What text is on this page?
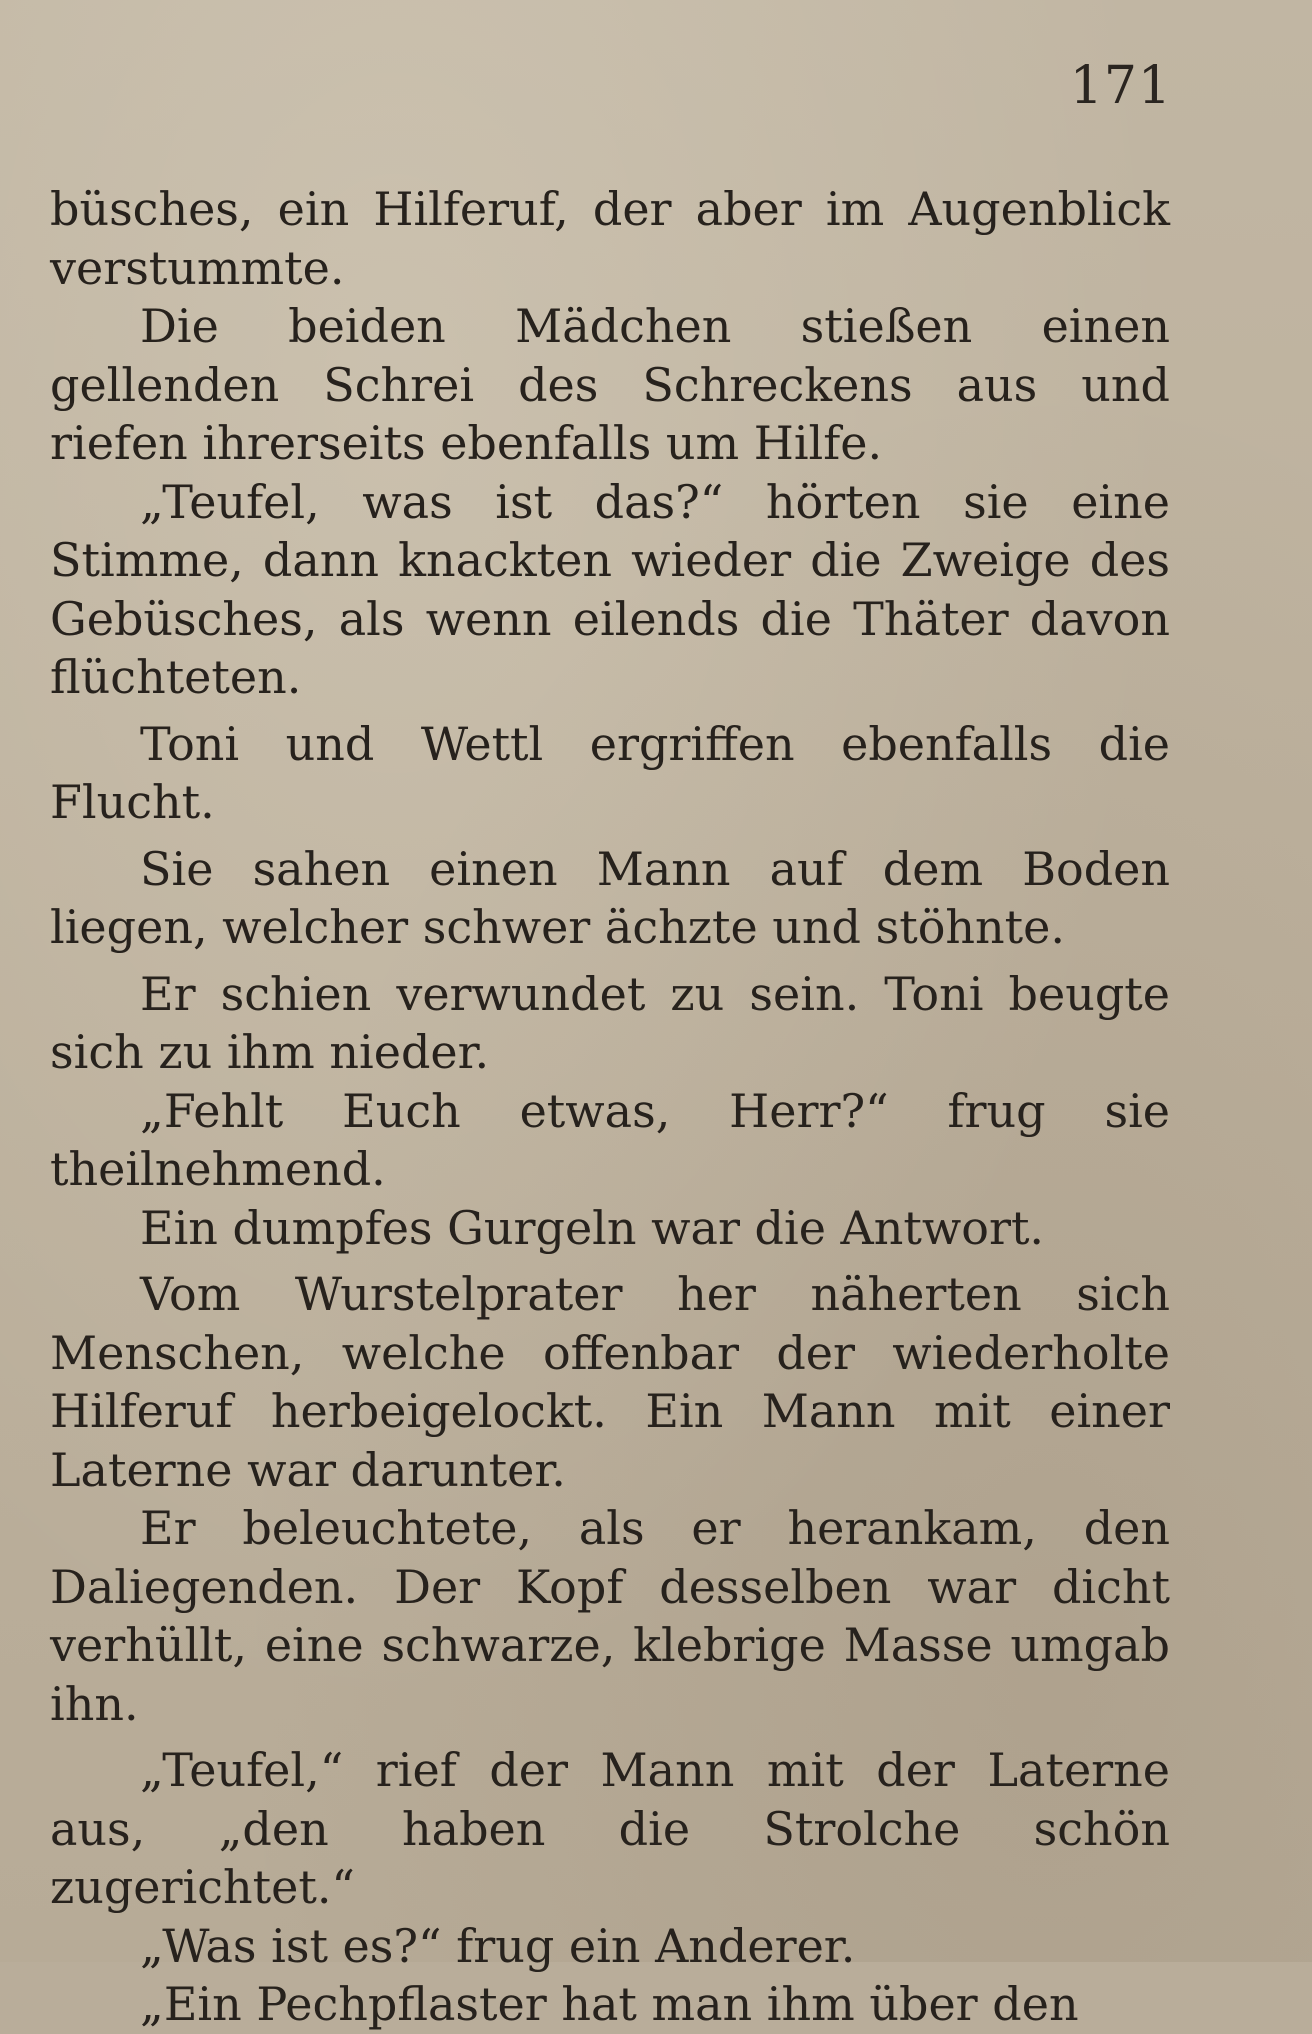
171

büsches, ein Hilferuf, der aber im Augenblick verstummte.

Die beiden Mädchen stießen einen gellenden Schrei des Schreckens aus und riefen ihrerseits ebenfalls um Hilfe.

„Teufel, was ist das?“ hörten sie eine Stimme, dann knackten wieder die Zweige des Gebüsches, als wenn eilends die Thäter davon flüchteten.

Toni und Wettl ergriffen ebenfalls die Flucht.

Sie sahen einen Mann auf dem Boden liegen, welcher schwer ächzte und stöhnte.

Er schien verwundet zu sein. Toni beugte sich zu ihm nieder.

„Fehlt Euch etwas, Herr?“ frug sie theilnehmend.

Ein dumpfes Gurgeln war die Antwort.

Vom Wurstelprater her näherten sich Menschen, welche offenbar der wiederholte Hilferuf herbeigelockt. Ein Mann mit einer Laterne war darunter.

Er beleuchtete, als er herankam, den Daliegenden. Der Kopf desselben war dicht verhüllt, eine schwarze, klebrige Masse umgab ihn.

„Teufel,“ rief der Mann mit der Laterne aus, „den haben die Strolche schön zugerichtet.“

„Was ist es?“ frug ein Anderer.

„Ein Pechpflaster hat man ihm über den
